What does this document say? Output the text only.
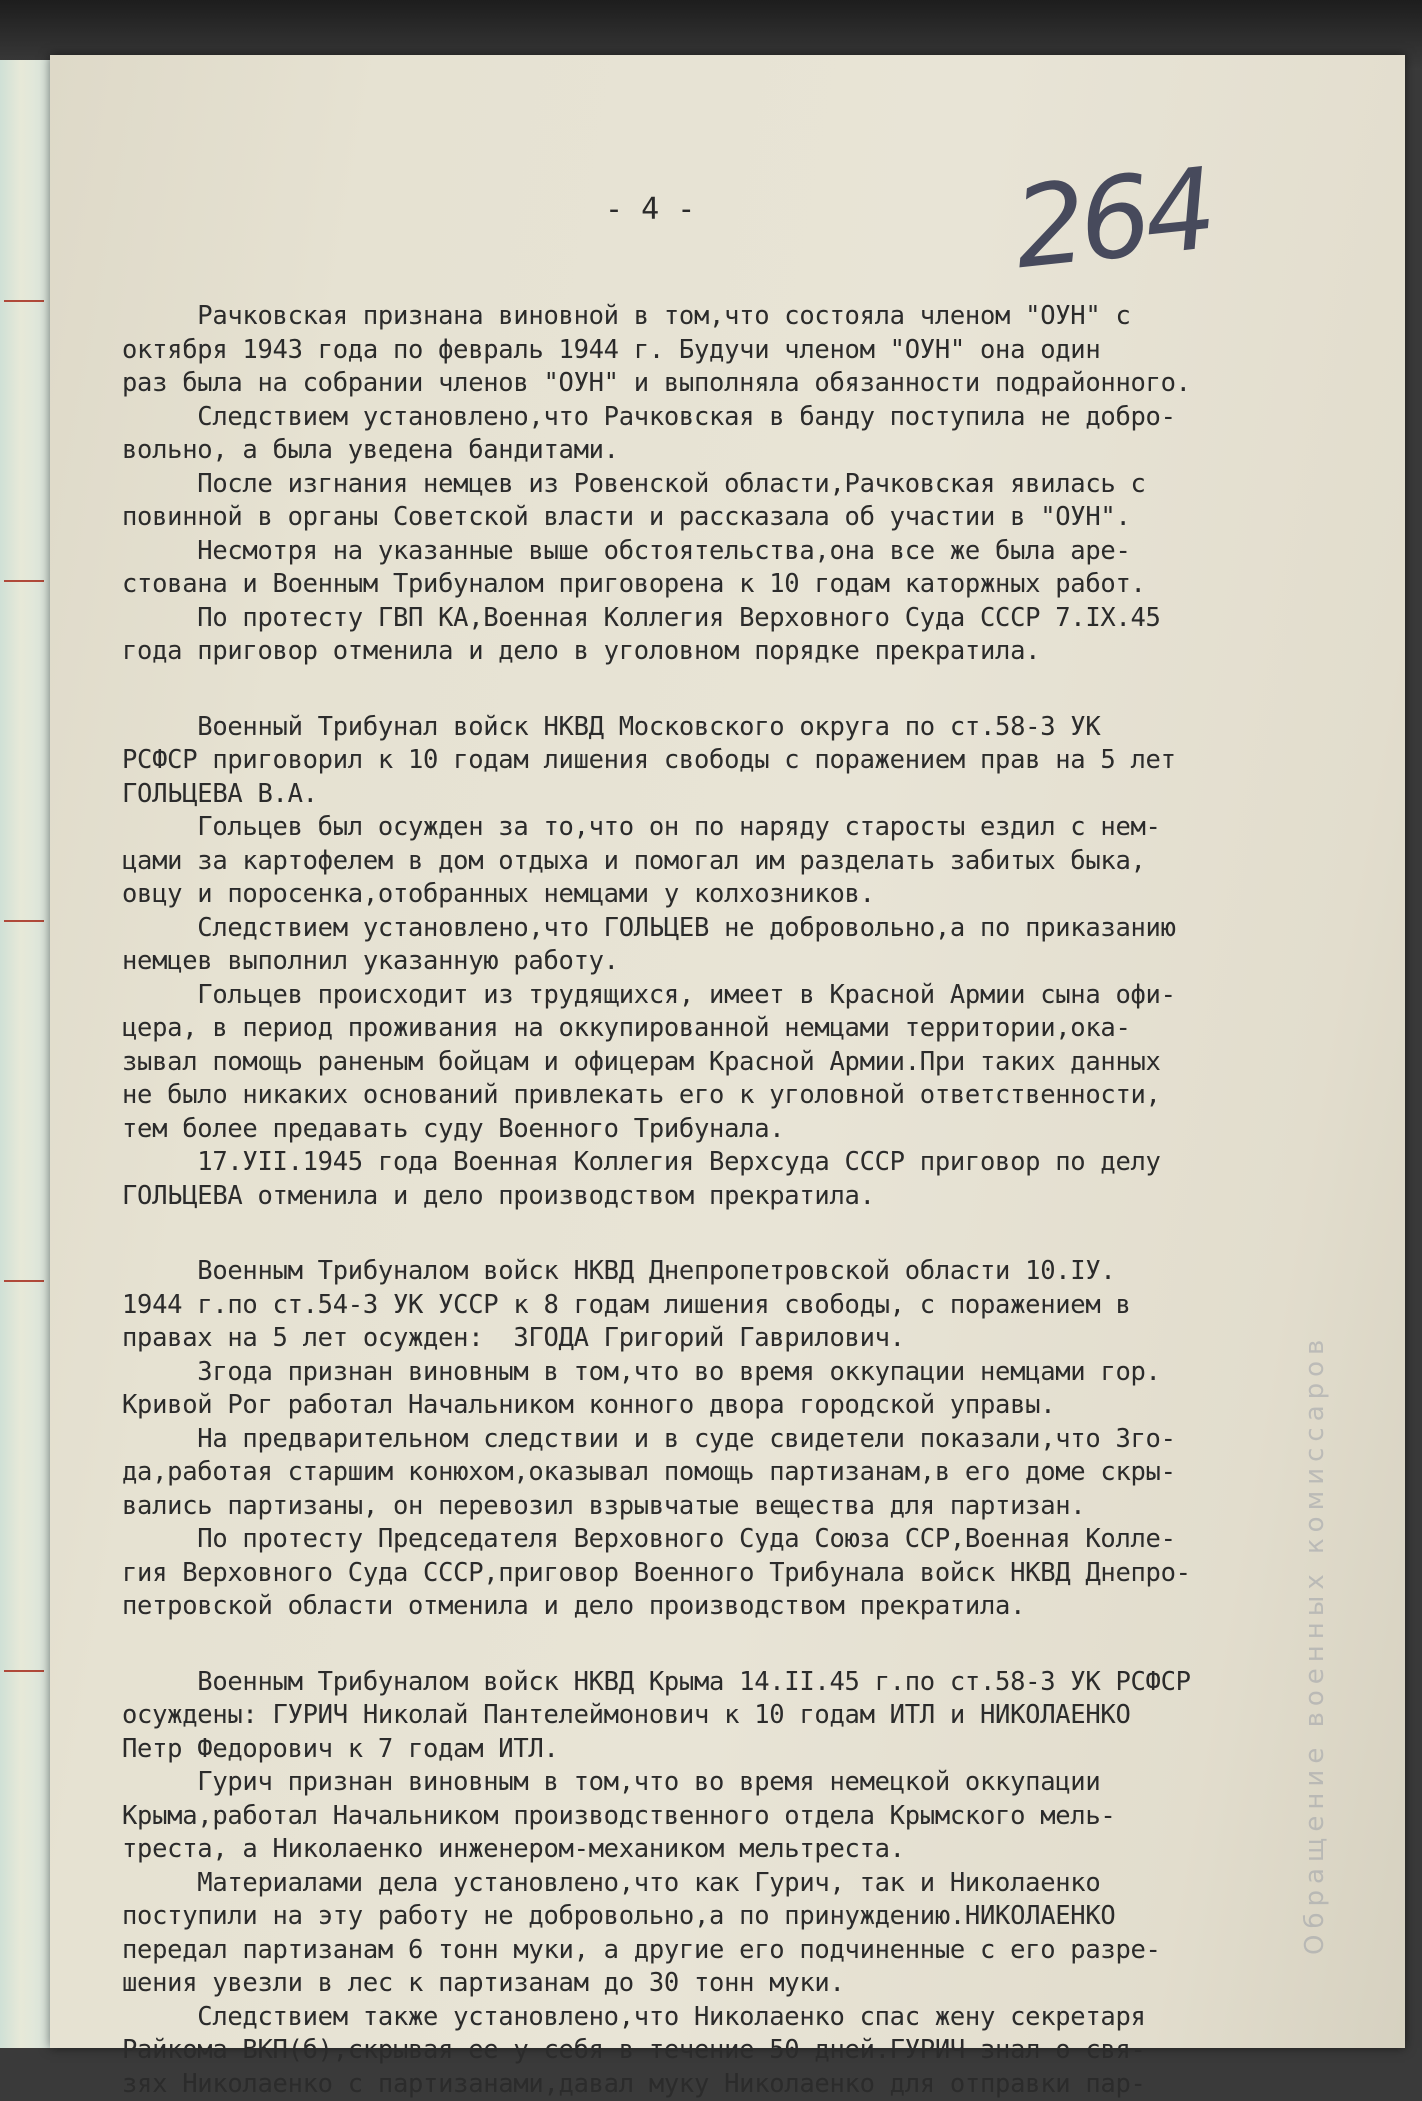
Обращение военных комиссаров
264
- 4 -
Рачковская признана виновной в том,что состояла членом "ОУН" с
октября 1943 года по февраль 1944 г. Будучи членом "ОУН" она один
раз была на собрании членов "ОУН" и выполняла обязанности подрайонного.
Следствием установлено,что Рачковская в банду поступила не добро-
вольно, а была уведена бандитами.
После изгнания немцев из Ровенской области,Рачковская явилась с
повинной в органы Советской власти и рассказала об участии в "ОУН".
Несмотря на указанные выше обстоятельства,она все же была аре-
стована и Военным Трибуналом приговорена к 10 годам каторжных работ.
По протесту ГВП КА,Военная Коллегия Верховного Суда СССР 7.IX.45
года приговор отменила и дело в уголовном порядке прекратила.
Военный Трибунал войск НКВД Московского округа по ст.58-3 УК
РСФСР приговорил к 10 годам лишения свободы с поражением прав на 5 лет
ГОЛЬЦЕВА В.А.
Гольцев был осужден за то,что он по наряду старосты ездил с нем-
цами за картофелем в дом отдыха и помогал им разделать забитых быка,
овцу и поросенка,отобранных немцами у колхозников.
Следствием установлено,что ГОЛЬЦЕВ не добровольно,а по приказанию
немцев выполнил указанную работу.
Гольцев происходит из трудящихся, имеет в Красной Армии сына офи-
цера, в период проживания на оккупированной немцами территории,ока-
зывал помощь раненым бойцам и офицерам Красной Армии.При таких данных
не было никаких оснований привлекать его к уголовной ответственности,
тем более предавать суду Военного Трибунала.
17.УII.1945 года Военная Коллегия Верхсуда СССР приговор по делу
ГОЛЬЦЕВА отменила и дело производством прекратила.
Военным Трибуналом войск НКВД Днепропетровской области 10.IУ.
1944 г.по ст.54-3 УК УССР к 8 годам лишения свободы, с поражением в
правах на 5 лет осужден:  ЗГОДА Григорий Гаврилович.
Згода признан виновным в том,что во время оккупации немцами гор.
Кривой Рог работал Начальником конного двора городской управы.
На предварительном следствии и в суде свидетели показали,что Зго-
да,работая старшим конюхом,оказывал помощь партизанам,в его доме скры-
вались партизаны, он перевозил взрывчатые вещества для партизан.
По протесту Председателя Верховного Суда Союза ССР,Военная Колле-
гия Верховного Суда СССР,приговор Военного Трибунала войск НКВД Днепро-
петровской области отменила и дело производством прекратила.
Военным Трибуналом войск НКВД Крыма 14.II.45 г.по ст.58-3 УК РСФСР
осуждены: ГУРИЧ Николай Пантелеймонович к 10 годам ИТЛ и НИКОЛАЕНКО
Петр Федорович к 7 годам ИТЛ.
Гурич признан виновным в том,что во время немецкой оккупации
Крыма,работал Начальником производственного отдела Крымского мель-
треста, а Николаенко инженером-механиком мельтреста.
Материалами дела установлено,что как Гурич, так и Николаенко
поступили на эту работу не добровольно,а по принуждению.НИКОЛАЕНКО
передал партизанам 6 тонн муки, а другие его подчиненные с его разре-
шения увезли в лес к партизанам до 30 тонн муки.
Следствием также установлено,что Николаенко спас жену секретаря
Райкома ВКП(б),скрывая ее у себя в течение 50 дней.ГУРИЧ знал о свя-
зях Николаенко с партизанами,давал муку Николаенко для отправки пар-
